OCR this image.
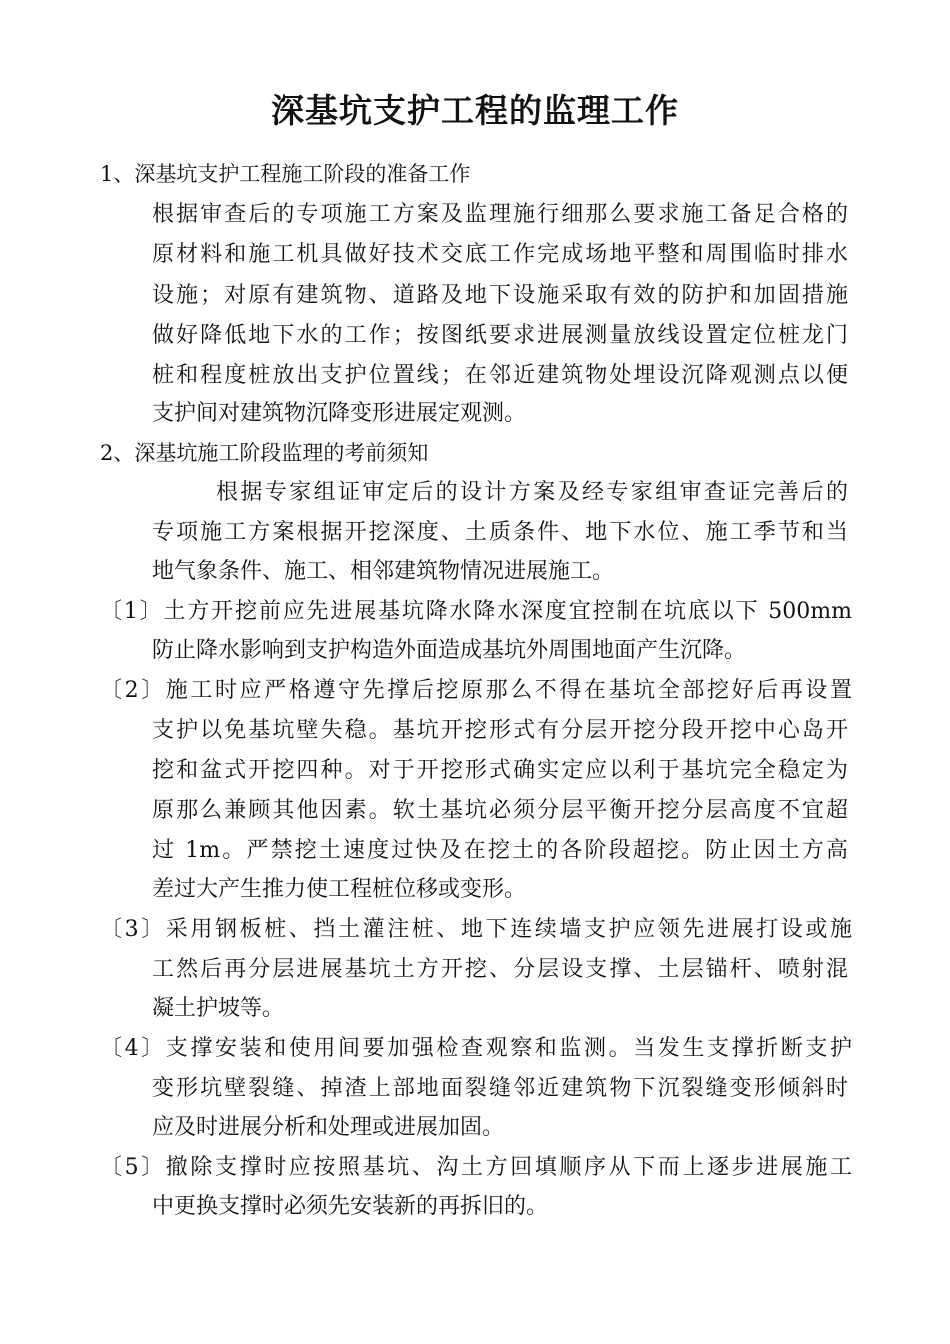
深基坑支护工程的监理工作
1、深基坑支护工程施工阶段的准备工作
根据审查后的专项施工方案及监理施行细那么要求施工备足合格的
原材料和施工机具做好技术交底工作完成场地平整和周围临时排水
设施；对原有建筑物、道路及地下设施采取有效的防护和加固措施
做好降低地下水的工作；按图纸要求进展测量放线设置定位桩龙门
桩和程度桩放出支护位置线；在邻近建筑物处埋设沉降观测点以便
支护间对建筑物沉降变形进展定观测。
2、深基坑施工阶段监理的考前须知
根据专家组证审定后的设计方案及经专家组审查证完善后的
专项施工方案根据开挖深度、土质条件、地下水位、施工季节和当
地气象条件、施工、相邻建筑物情况进展施工。
〔1〕土方开挖前应先进展基坑降水降水深度宜控制在坑底以下 500mm
防止降水影响到支护构造外面造成基坑外周围地面产生沉降。
〔2〕施工时应严格遵守先撑后挖原那么不得在基坑全部挖好后再设置
支护以免基坑壁失稳。基坑开挖形式有分层开挖分段开挖中心岛开
挖和盆式开挖四种。对于开挖形式确实定应以利于基坑完全稳定为
原那么兼顾其他因素。软土基坑必须分层平衡开挖分层高度不宜超
过 1m。严禁挖土速度过快及在挖土的各阶段超挖。防止因土方高
差过大产生推力使工程桩位移或变形。
〔3〕采用钢板桩、挡土灌注桩、地下连续墙支护应领先进展打设或施
工然后再分层进展基坑土方开挖、分层设支撑、土层锚杆、喷射混
凝土护坡等。
〔4〕支撑安装和使用间要加强检查观察和监测。当发生支撑折断支护
变形坑壁裂缝、掉渣上部地面裂缝邻近建筑物下沉裂缝变形倾斜时
应及时进展分析和处理或进展加固。
〔5〕撤除支撑时应按照基坑、沟土方回填顺序从下而上逐步进展施工
中更换支撑时必须先安装新的再拆旧的。
